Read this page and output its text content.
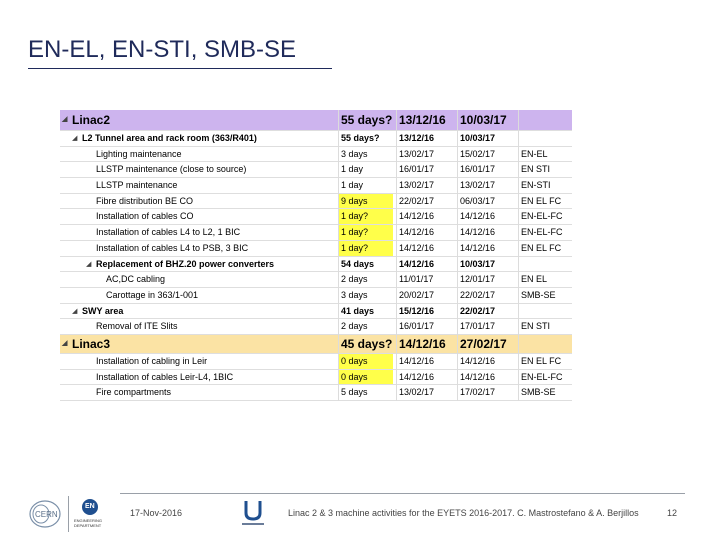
EN-EL, EN-STI, SMB-SE
◢ Linac2	55 days? 13/12/16	10/03/17
◢ L2 Tunnel area and rack room (363/R401)	55 days?	13/12/16	10/03/17
Lighting maintenance	3 days	13/02/17	15/02/17	EN-EL
LLSTP maintenance (close to source)	1 day	16/01/17	16/01/17	EN STI
LLSTP maintenance	1 day	13/02/17	13/02/17	EN-STI
Fibre distribution BE CO	9 days	22/02/17	06/03/17	EN EL FC
Installation of cables CO	1 day?	14/12/16	14/12/16	EN-EL-FC
Installation of cables L4 to L2, 1 BIC	1 day?	14/12/16	14/12/16	EN-EL-FC
Installation of cables L4 to PSB, 3 BIC	1 day?	14/12/16	14/12/16	EN EL FC
◢ Replacement of BHZ.20 power converters	54 days	14/12/16	10/03/17
AC,DC cabling	2 days	11/01/17	12/01/17	EN EL
Carottage in 363/1-001	3 days	20/02/17	22/02/17	SMB-SE
◢ SWY area	41 days	15/12/16	22/02/17
Removal of ITE Slits	2 days	16/01/17	17/01/17	EN STI
◢ Linac3	45 days? 14/12/16	27/02/17
Installation of cabling in Leir	0 days	14/12/16	14/12/16	EN EL FC
Installation of cables Leir-L4, 1BIC	0 days	14/12/16	14/12/16	EN-EL-FC
Fire compartments	5 days	13/02/17	17/02/17	SMB-SE
CERN
EN
ENGINEERING
DEPARTMENT
17-Nov-2016	Linac 2 & 3 machine activities for the EYETS 2016-2017. C. Mastrostefano & A. Berjillos	12
